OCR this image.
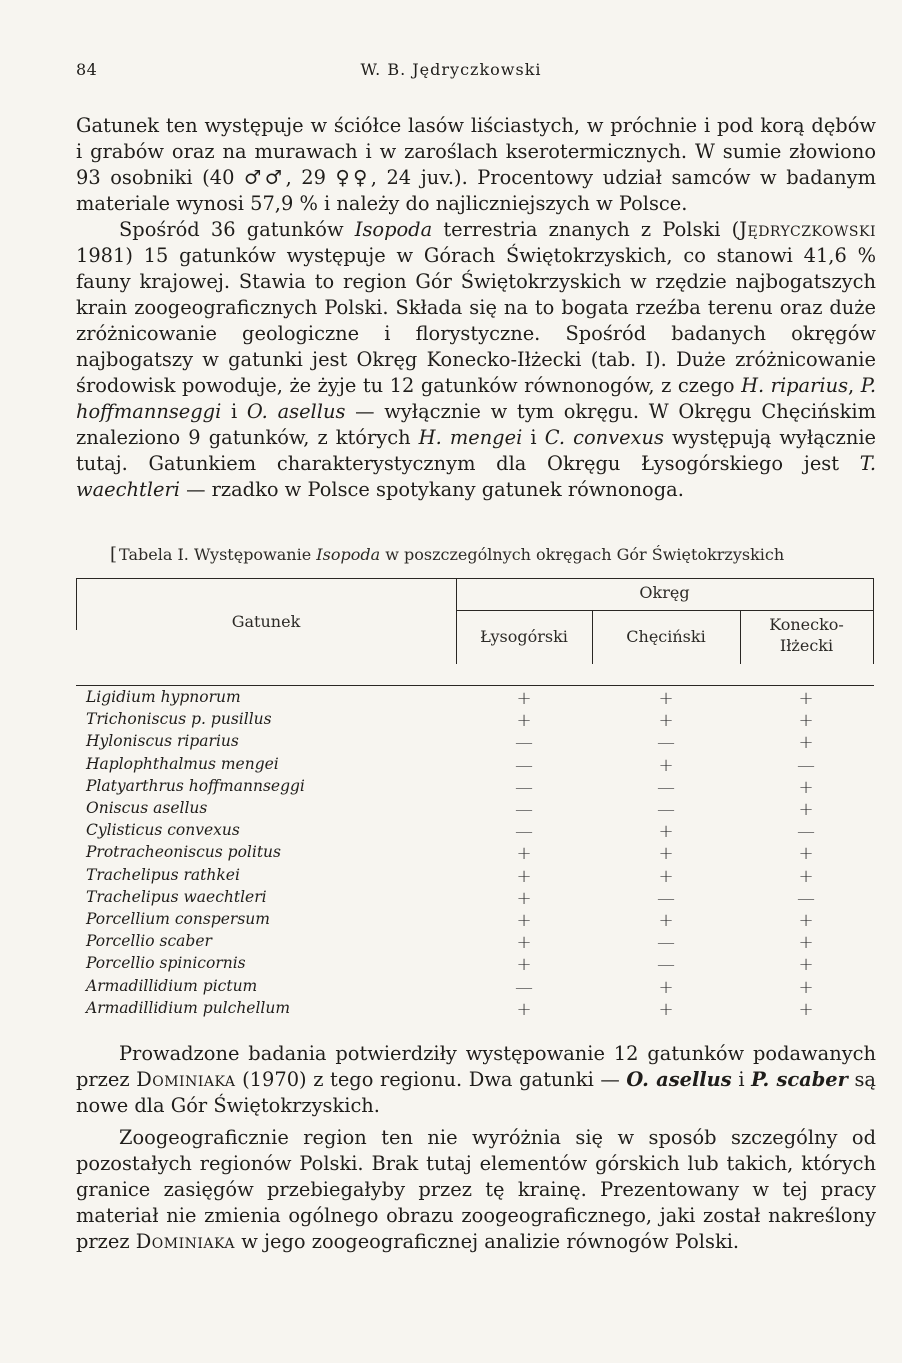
84	W. B. Jędryczkowski
Gatunek ten występuje w ściółce lasów liściastych, w próchnie i pod korą dębów i grabów oraz na murawach i w zaroślach kserotermicznych. W sumie złowiono 93 osobniki (40 ♂♂, 29 ♀♀, 24 juv.). Procentowy udział samców w badanym materiale wynosi 57,9 % i należy do najliczniejszych w Polsce.
Spośród 36 gatunków Isopoda terrestria znanych z Polski (Jędryczkowski 1981) 15 gatunków występuje w Górach Świętokrzyskich, co stanowi 41,6 % fauny krajowej. Stawia to region Gór Świętokrzyskich w rzędzie najbogatszych krain zoogeograficznych Polski. Składa się na to bogata rzeźba terenu oraz duże zróżnicowanie geologiczne i florystyczne. Spośród badanych okręgów najbogatszy w gatunki jest Okręg Konecko-Iłżecki (tab. I). Duże zróżnicowanie środowisk powoduje, że żyje tu 12 gatunków równonogów, z czego H. riparius, P. hoffmannseggi i O. asellus — wyłącznie w tym okręgu. W Okręgu Chęcińskim znaleziono 9 gatunków, z których H. mengei i C. convexus występują wyłącznie tutaj. Gatunkiem charakterystycznym dla Okręgu Łysogórskiego jest T. waechtleri — rzadko w Polsce spotykany gatunek równonoga.
[ Tabela I. Występowanie Isopoda w poszczególnych okręgach Gór Świętokrzyskich
Gatunek
Okręg
Łysogórski	Chęciński
Konecko-
Iłżecki
Ligidium hypnorum	+	+	+
Trichoniscus p. pusillus	+	+	+
Hyloniscus riparius	—	—	+
Haplophthalmus mengei	—	+	—
Platyarthrus hoffmannseggi	—	—	+
Oniscus asellus	—	—	+
Cylisticus convexus	—	+	—
Protracheoniscus politus	+	+	+
Trachelipus rathkei	+	+	+
Trachelipus waechtleri	+	—	—
Porcellium conspersum	+	+	+
Porcellio scaber	+	—	+
Porcellio spinicornis	+	—	+
Armadillidium pictum	—	+	+
Armadillidium pulchellum	+	+	+
Prowadzone badania potwierdziły występowanie 12 gatunków podawanych przez Dominiaka (1970) z tego regionu. Dwa gatunki — O. asellus i P. scaber są nowe dla Gór Świętokrzyskich.
Zoogeograficznie region ten nie wyróżnia się w sposób szczególny od pozostałych regionów Polski. Brak tutaj elementów górskich lub takich, których granice zasięgów przebiegałyby przez tę krainę. Prezentowany w tej pracy materiał nie zmienia ogólnego obrazu zoogeograficznego, jaki został nakreślony przez Dominiaka w jego zoogeograficznej analizie równogów Polski.
